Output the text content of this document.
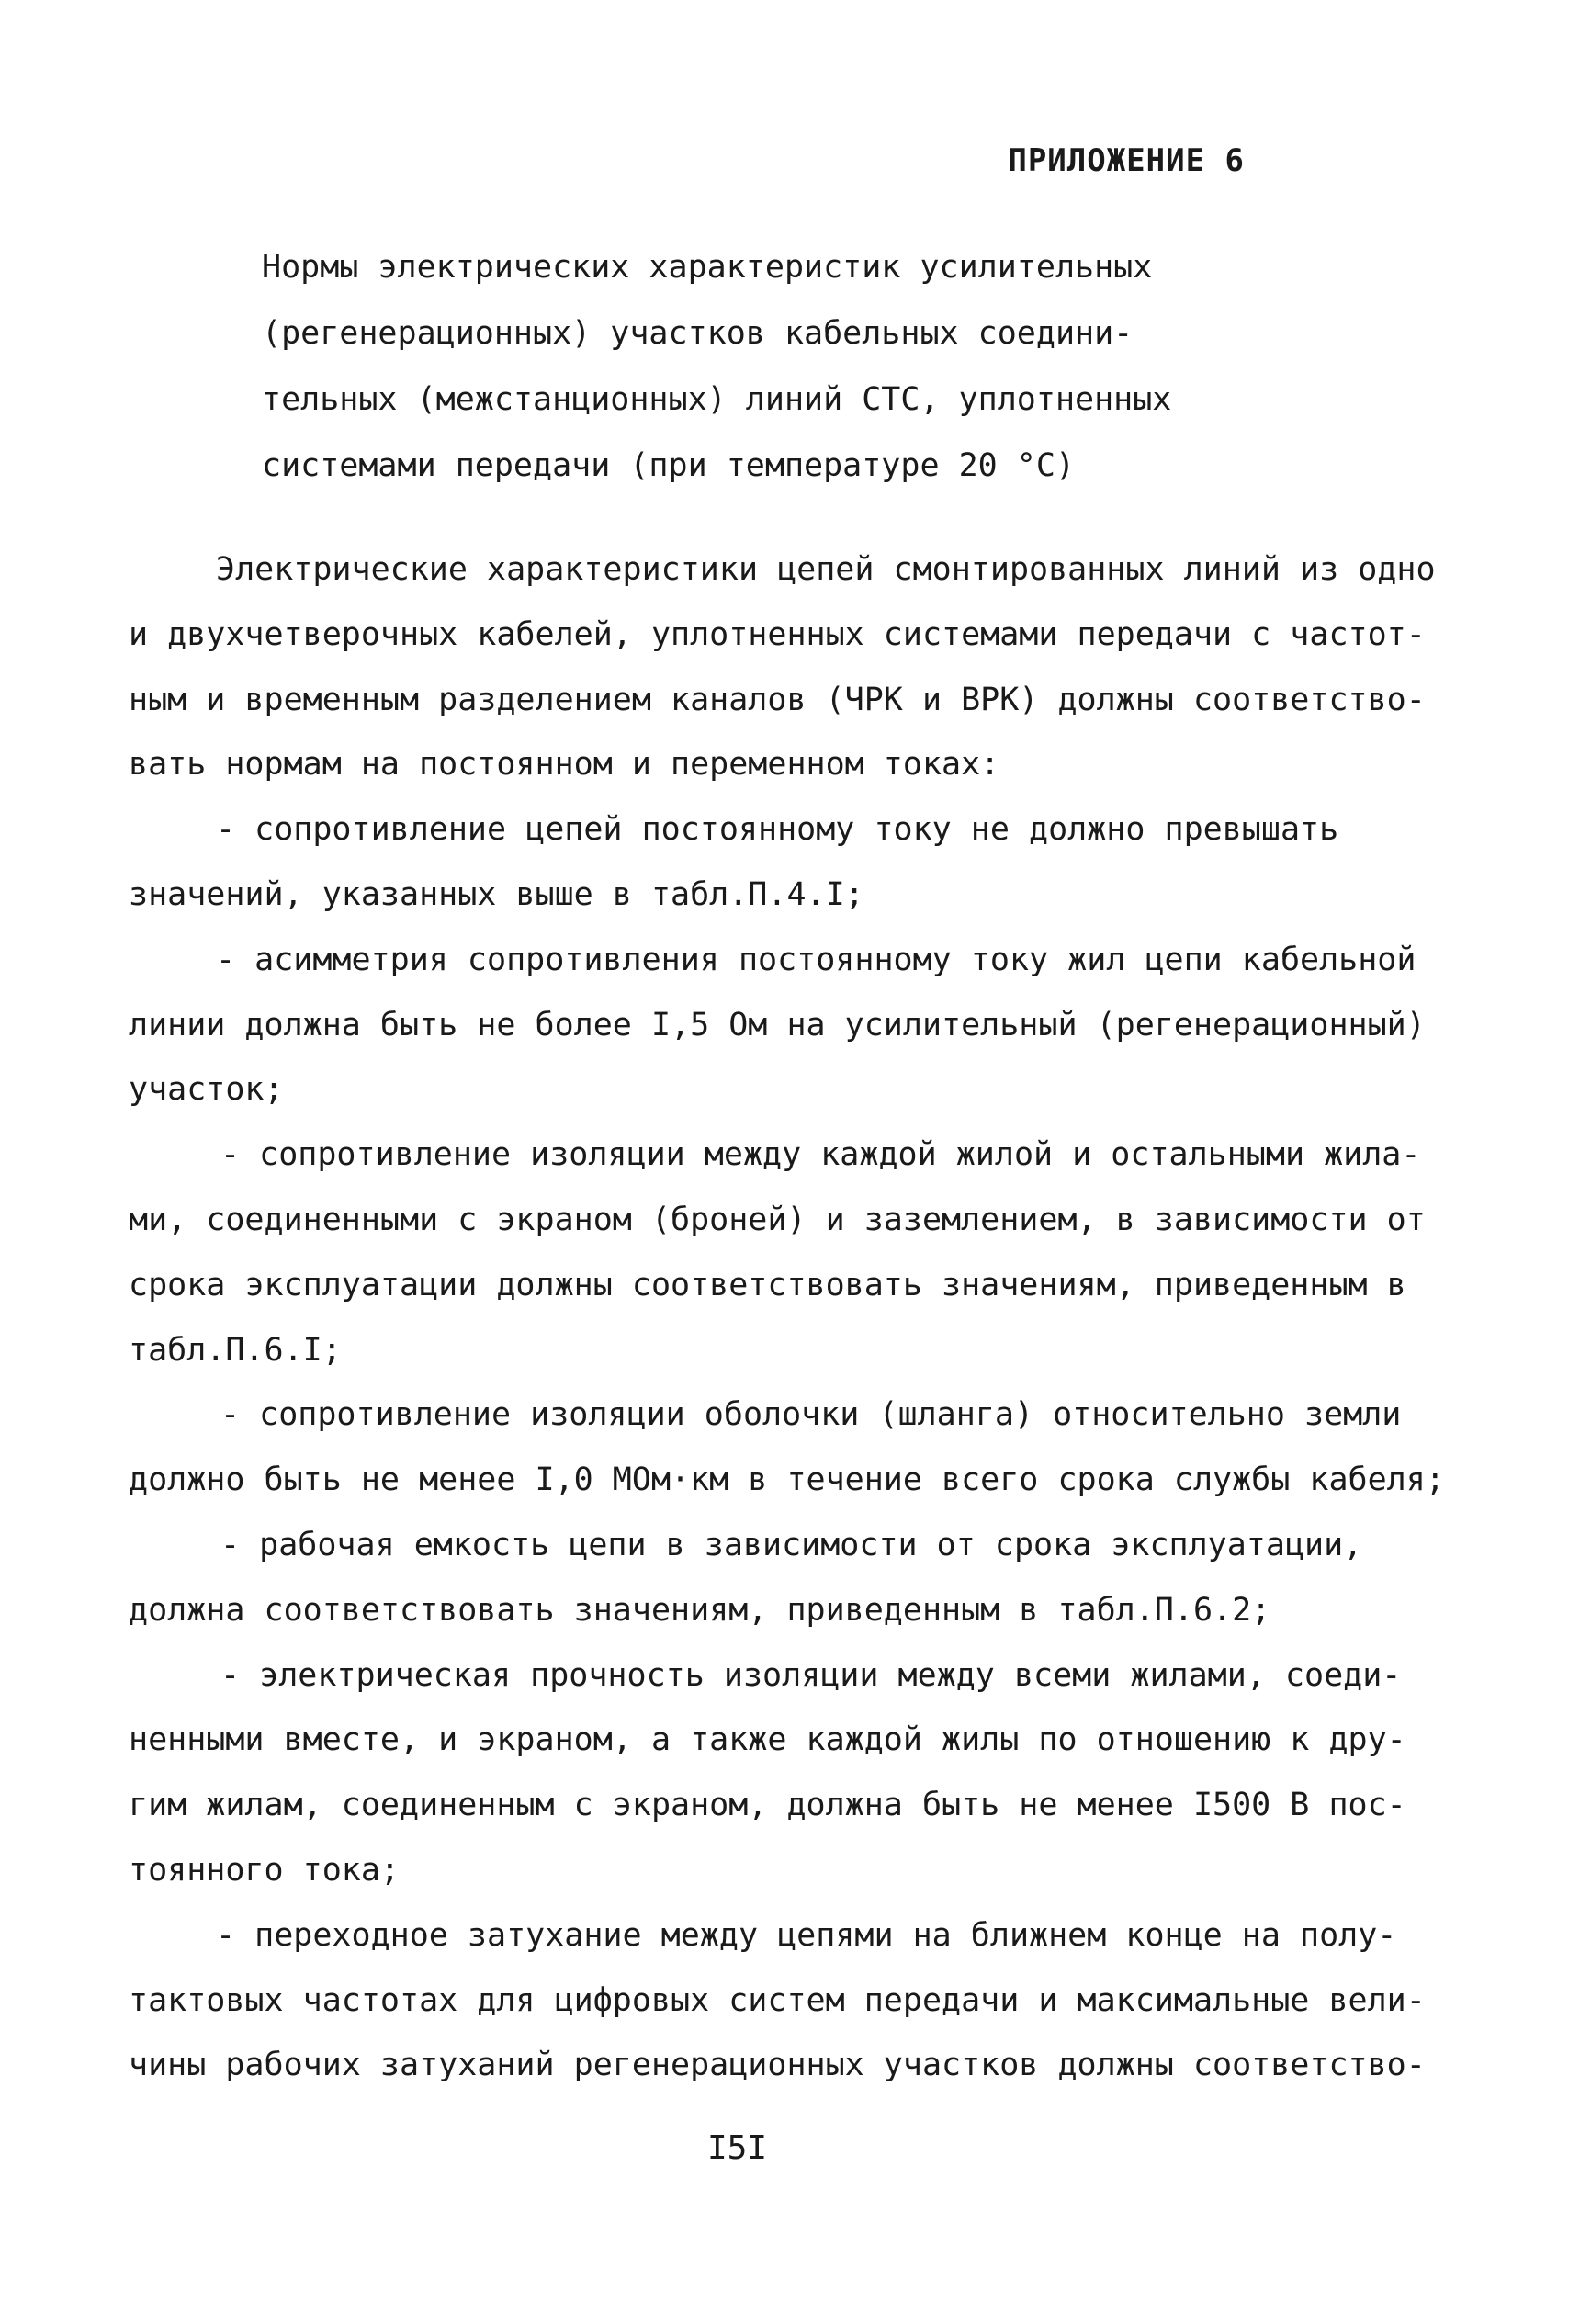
ПРИЛОЖЕНИЕ 6
Нормы электрических характеристик усилительных
(регенерационных) участков кабельных соедини-
тельных (межстанционных) линий СТС, уплотненных
системами передачи (при температуре 20 °С)
Электрические характеристики цепей смонтированных линий из одно
и двухчетверочных кабелей, уплотненных системами передачи с частот-
ным и временным разделением каналов (ЧРК и ВРК) должны соответство-
вать нормам на постоянном и переменном токах:
- сопротивление цепей постоянному току не должно превышать
значений, указанных выше в табл.П.4.I;
- асимметрия сопротивления постоянному току жил цепи кабельной
линии должна быть не более I,5 Ом на усилительный (регенерационный)
участок;
- сопротивление изоляции между каждой жилой и остальными жила-
ми, соединенными с экраном (броней) и заземлением, в зависимости от
срока эксплуатации должны соответствовать значениям, приведенным в
табл.П.6.I;
- сопротивление изоляции оболочки (шланга) относительно земли
должно быть не менее I,0 МОм·км в течение всего срока службы кабеля;
- рабочая емкость цепи в зависимости от срока эксплуатации,
должна соответствовать значениям, приведенным в табл.П.6.2;
- электрическая прочность изоляции между всеми жилами, соеди-
ненными вместе, и экраном, а также каждой жилы по отношению к дру-
гим жилам, соединенным с экраном, должна быть не менее I500 В пос-
тоянного тока;
- переходное затухание между цепями на ближнем конце на полу-
тактовых частотах для цифровых систем передачи и максимальные вели-
чины рабочих затуханий регенерационных участков должны соответство-
I5I
